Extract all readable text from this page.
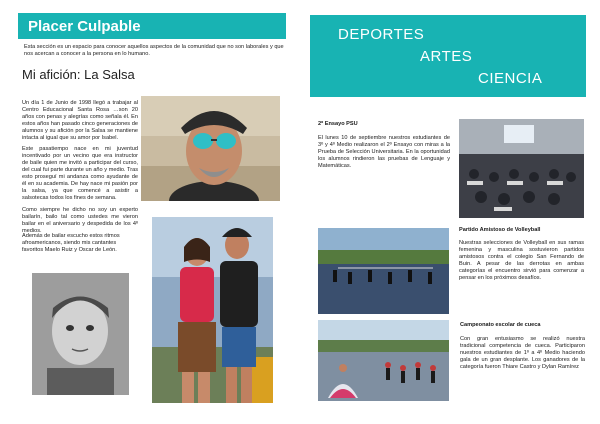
Placer Culpable
Esta sección es un espacio para conocer aquellos aspectos de la comunidad que no son laborales y que nos acercan a conocer a la persona en lo humano.
Mi afición: La Salsa
Un día 1 de Junio de 1998 llegó a trabajar al Centro Educacional Santa Rosa …son 20 años con penas y alegrías como señala él. En estos años han pasado cinco generaciones de alumnos y su afición por la Salsa se mantiene intacta al igual que su amor por Isabel.
Este pasatiempo nace en mi juventud incentivado por un vecino que era instructor de baile quien me invitó a participar del curso, del cual fui parte durante un año y medio. Tras esto proseguí mi andanza como ayudante de él en su academia. De hay nace mi pasión por la salsa, ya que comencé a asistir a salsotecas todos los fines de semana.
Como siempre he dicho no soy un experto bailarín, bailo tal como ustedes me vieron bailar en el aniversario y despedida de los 4º medios.
Además de bailar escucho estos ritmos afroamericanos, siendo mis cantantes favoritos Maelo Ruiz y Oscar de León.
DEPORTES
ARTES
CIENCIA
2º Ensayo PSU
El lunes 10 de septiembre nuestros estudiantes de 3º y 4º Medio realizaron el 2º Ensayo con miras a la Prueba de Selección Universitaria. En la oportunidad los alumnos rindieron las pruebas de Lenguaje y Matemáticas.
Partido Amistoso de Volleyball
Nuestras selecciones de Volleyball en sus ramas femenina y masculina sostuvieron partidos amistosos contra el colegio San Fernando de Buin. A pesar de las derrotas en ambas categorías el encuentro sirvió para comenzar a pensar en los próximos desafíos.
Campeonato escolar de cueca
Con gran entusiasmo se realizó nuestra tradicional competencia de cueca. Participaron nuestros estudiantes de 1º a 4º Medio haciendo gala de un gran desplante. Los ganadores de la categoría fueron Thiare Castro y Dylan Ramírez
